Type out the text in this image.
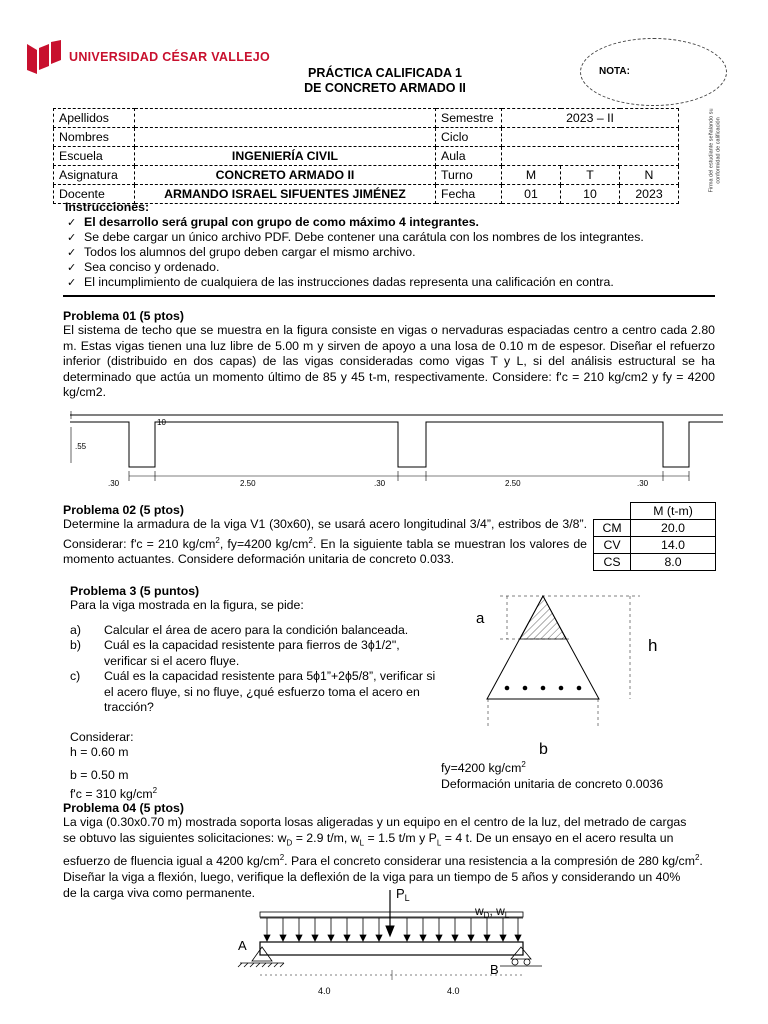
UNIVERSIDAD CÉSAR VALLEJO
PRÁCTICA CALIFICADA 1
DE CONCRETO ARMADO II
NOTA:
Apellidos		Semestre	2023 – II		
Nombres		Ciclo			
Escuela	INGENIERÍA CIVIL	Aula			
Asignatura	CONCRETO ARMADO II	Turno	M	T	N
Docente	ARMANDO ISRAEL SIFUENTES JIMÉNEZ	Fecha	01	10	2023
Firma del estudiante señalando su conformidad de calificación
Instrucciones:
✓ El desarrollo será grupal con grupo de como máximo 4 integrantes.
✓ Se debe cargar un único archivo PDF. Debe contener una carátula con los nombres de los integrantes.
✓ Todos los alumnos del grupo deben cargar el mismo archivo.
✓ Sea conciso y ordenado.
✓ El incumplimiento de cualquiera de las instrucciones dadas representa una calificación en contra.
Problema 01 (5 ptos)
El sistema de techo que se muestra en la figura consiste en vigas o nervaduras espaciadas centro a centro cada 2.80 m. Estas vigas tienen una luz libre de 5.00 m y sirven de apoyo a una losa de 0.10 m de espesor. Diseñar el refuerzo inferior (distribuido en dos capas) de las vigas consideradas como vigas T y L, si del análisis estructural se ha determinado que actúa un momento último de 85 y 45 t-m, respectivamente. Considere: f'c = 210 kg/cm2 y fy = 4200 kg/cm2.
10
.55
.30	2.50	.30	2.50	.30
Problema 02 (5 ptos)
Determine la armadura de la viga V1 (30x60), se usará acero longitudinal 3/4”, estribos de 3/8”. Considerar: f'c = 210 $kg/cm^2$, fy=4200 $kg/cm^2$. En la siguiente tabla se muestran los valores de momento actuantes. Considere deformación unitaria de concreto 0.033.
	M (t-m)
CM	20.0
CV	14.0
CS	8.0
Problema 3 (5 puntos)
Para la viga mostrada en la figura, se pide:
a) Calcular el área de acero para la condición balanceada.
b) Cuál es la capacidad resistente para fierros de 3ϕ1/2", verificar si el acero fluye.
c) Cuál es la capacidad resistente para 5ϕ1”+2ϕ5/8”, verificar si el acero fluye, si no fluye, ¿qué esfuerzo toma el acero en tracción?
Considerar:
h = 0.60 m
b = 0.50 m
f'c = 310 $kg/cm^2$
fy=4200 $kg/cm^2$
Deformación unitaria de concreto 0.0036
a
h
b
Problema 04 (5 ptos)
La viga (0.30x0.70 m) mostrada soporta losas aligeradas y un equipo en el centro de la luz, del metrado de cargas
se obtuvo las siguientes solicitaciones: $w_D = 2.9$ t/m, $w_L = 1.5$ t/m y $P_L = 4$ t. De un ensayo en el acero resulta un
esfuerzo de fluencia igual a 4200 $kg/cm^2$. Para el concreto considerar una resistencia a la compresión de 280 $kg/cm^2$.
Diseñar la viga a flexión, luego, verifique la deflexión de la viga para un tiempo de 5 años y considerando un 40%
de la carga viva como permanente.
A
B
$P_L$
$w_D$, $w_L$
4.0	4.0
